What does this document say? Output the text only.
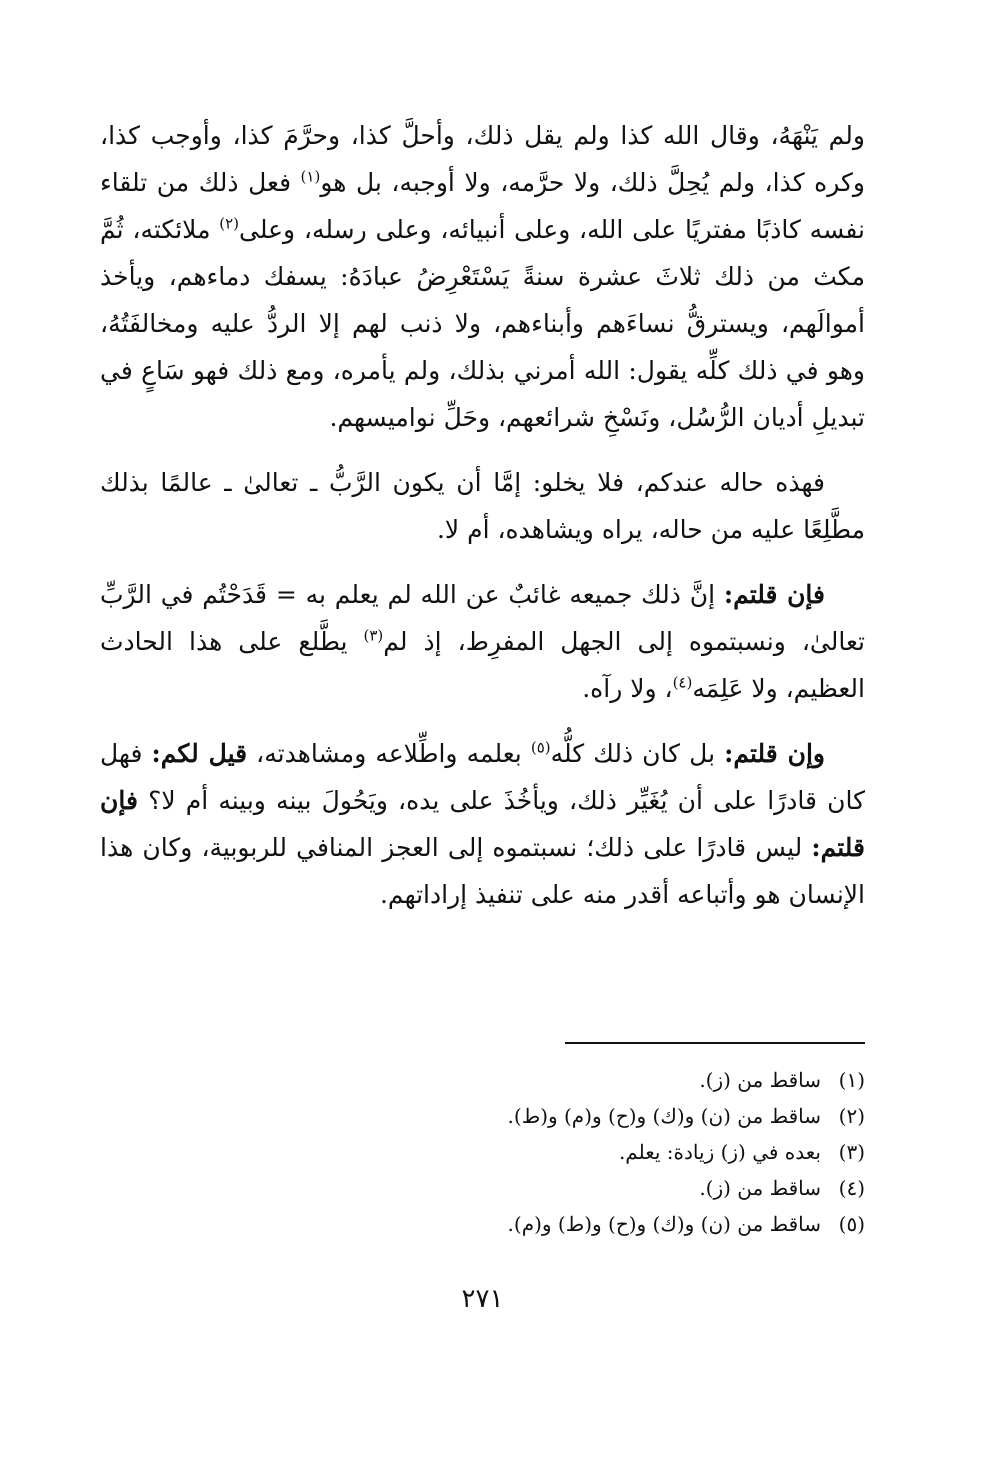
ولم يَنْهَهُ، وقال الله كذا ولم يقل ذلك، وأحلَّ كذا، وحرَّمَ كذا، وأوجب كذا، وكره كذا، ولم يُحِلَّ ذلك، ولا حرَّمه، ولا أوجبه، بل هو$^{(١)}$ فعل ذلك من تلقاء نفسه كاذبًا مفتريًا على الله، وعلى أنبيائه، وعلى رسله، وعلى$^{(٢)}$ ملائكته، ثُمَّ مكث من ذلك ثلاثَ عشرة سنةً يَسْتَعْرِضُ عبادَهُ: يسفك دماءهم، ويأخذ أموالَهم، ويسترقُّ نساءَهم وأبناءهم، ولا ذنب لهم إلا الردُّ عليه ومخالفَتُهُ، وهو في ذلك كلِّه يقول: الله أمرني بذلك، ولم يأمره، ومع ذلك فهو سَاعٍ في تبديلِ أديان الرُّسُل، ونَسْخِ شرائعهم، وحَلِّ نواميسهم.

فهذه حاله عندكم، فلا يخلو: إمَّا أن يكون الرَّبُّ ـ تعالىٰ ـ عالمًا بذلك مطَّلِعًا عليه من حاله، يراه ويشاهده، أم لا.

فإن قلتم: إنَّ ذلك جميعه غائبٌ عن الله لم يعلم به = قَدَحْتُم في الرَّبِّ تعالىٰ، ونسبتموه إلى الجهل المفرِط، إذ لم$^{(٣)}$ يطَّلع على هذا الحادث العظيم، ولا عَلِمَه$^{(٤)}$، ولا رآه.

وإن قلتم: بل كان ذلك كلُّه$^{(٥)}$ بعلمه واطِّلاعه ومشاهدته، قيل لكم: فهل كان قادرًا على أن يُغَيِّر ذلك، ويأخُذَ على يده، ويَحُولَ بينه وبينه أم لا؟ فإن قلتم: ليس قادرًا على ذلك؛ نسبتموه إلى العجز المنافي للربوبية، وكان هذا الإنسان هو وأتباعه أقدر منه على تنفيذ إراداتهم.

(١)
ساقط من (ز).
(٢)
ساقط من (ن) و(ك) و(ح) و(م) و(ط).
(٣)
بعده في (ز) زيادة: يعلم.
(٤)
ساقط من (ز).
(٥)
ساقط من (ن) و(ك) و(ح) و(ط) و(م).
٢٧١
